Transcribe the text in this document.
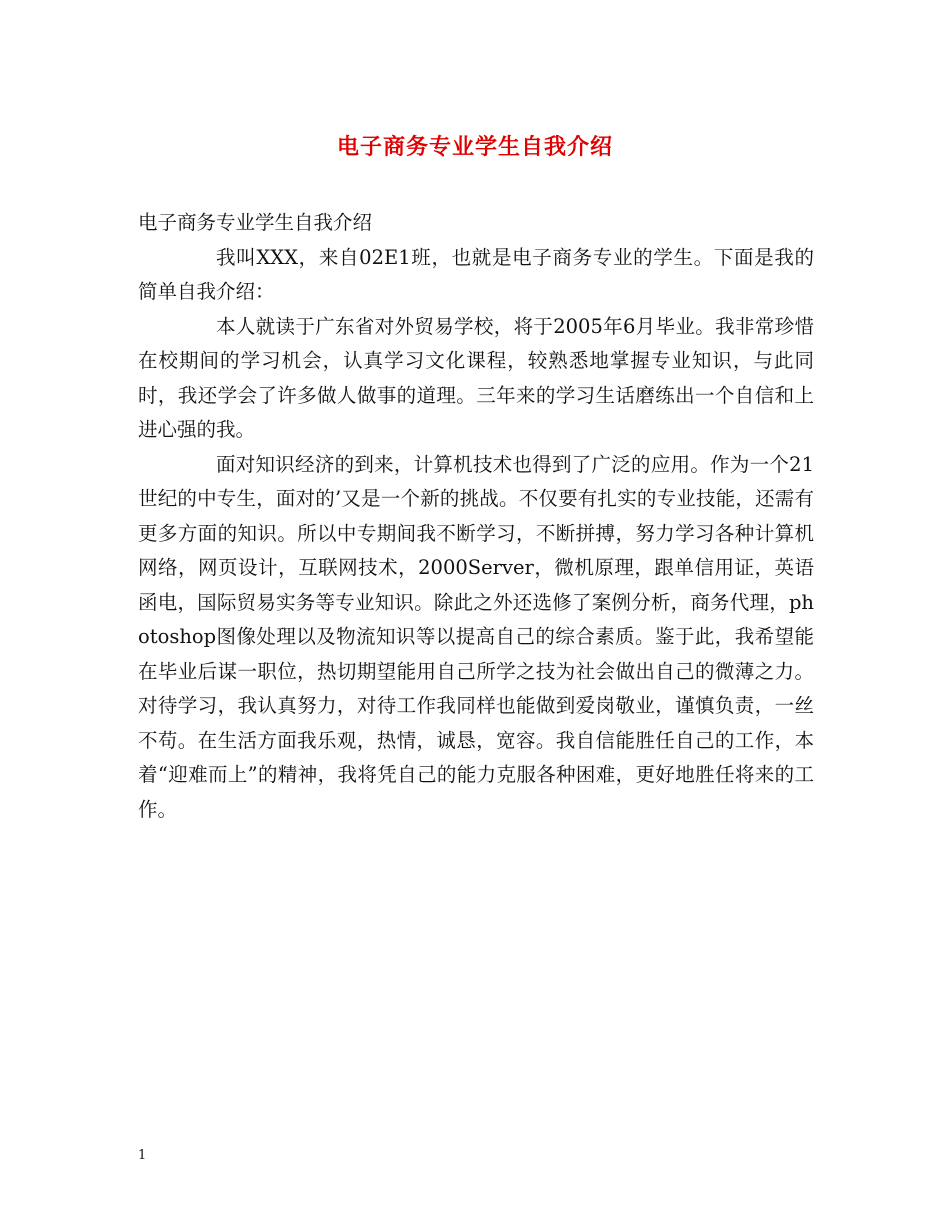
电子商务专业学生自我介绍

电子商务专业学生自我介绍

我叫XXX，来自02E1班，也就是电子商务专业的学生。下面是我的简单自我介绍：

本人就读于广东省对外贸易学校，将于2005年6月毕业。我非常珍惜在校期间的学习机会，认真学习文化课程，较熟悉地掌握专业知识，与此同时，我还学会了许多做人做事的道理。三年来的学习生话磨练出一个自信和上进心强的我。

面对知识经济的到来，计算机技术也得到了广泛的应用。作为一个21世纪的中专生，面对的’又是一个新的挑战。不仅要有扎实的专业技能，还需有更多方面的知识。所以中专期间我不断学习，不断拼搏，努力学习各种计算机网络，网页设计，互联网技术，2000Server，微机原理，跟单信用证，英语函电，国际贸易实务等专业知识。除此之外还选修了案例分析，商务代理，photoshop图像处理以及物流知识等以提高自己的综合素质。鉴于此，我希望能在毕业后谋一职位，热切期望能用自己所学之技为社会做出自己的微薄之力。对待学习，我认真努力，对待工作我同样也能做到爱岗敬业，谨慎负责，一丝不苟。在生活方面我乐观，热情，诚恳，宽容。我自信能胜任自己的工作，本着“迎难而上”的精神，我将凭自己的能力克服各种困难，更好地胜任将来的工作。

1
